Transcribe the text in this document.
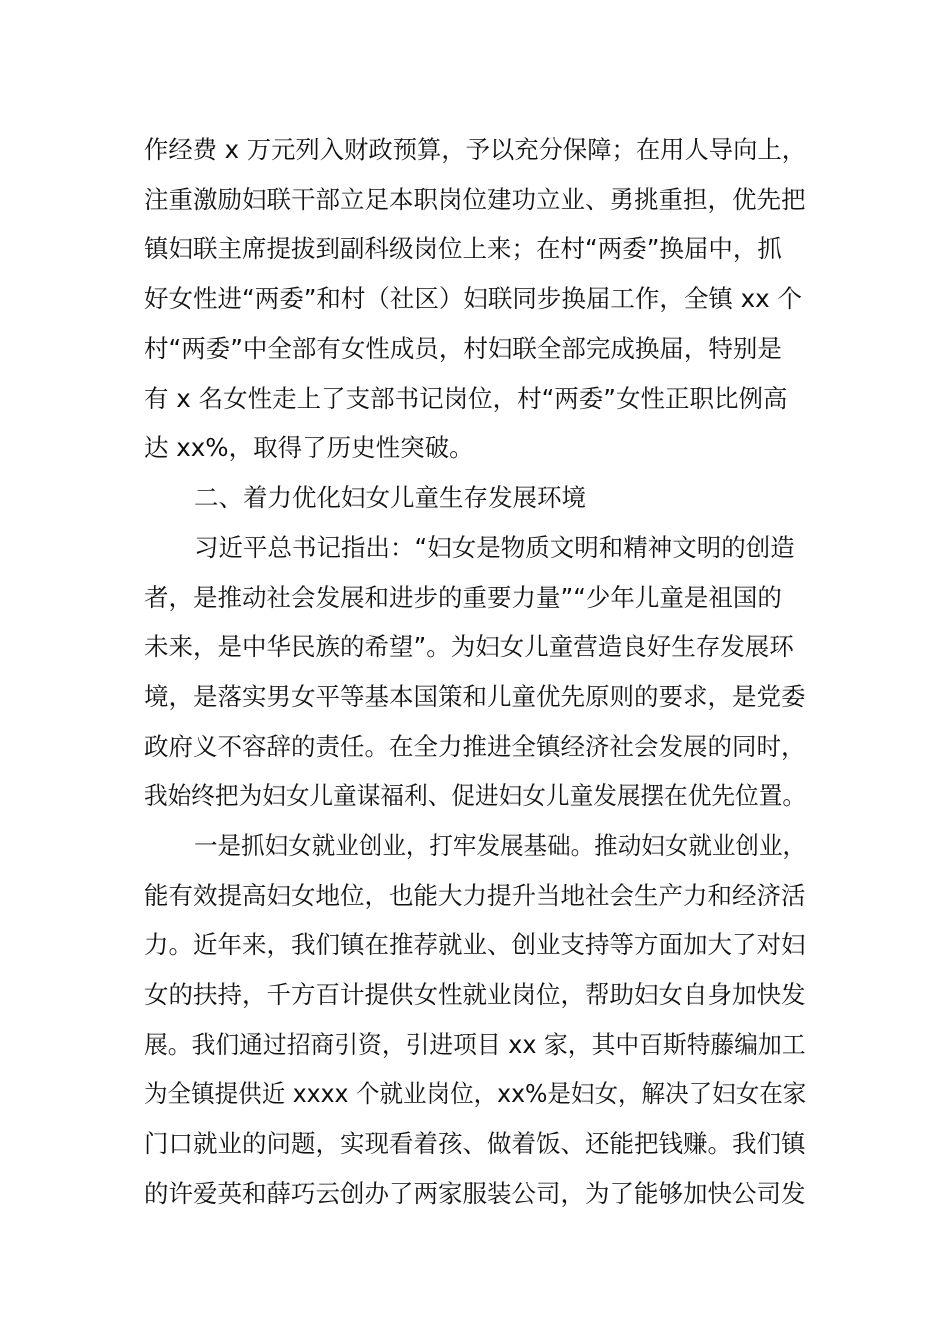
作经费 x 万元列入财政预算，予以充分保障；在用人导向上，
注重激励妇联干部立足本职岗位建功立业、勇挑重担，优先把
镇妇联主席提拔到副科级岗位上来；在村“两委”换届中，抓
好女性进“两委”和村（社区）妇联同步换届工作，全镇 xx 个
村“两委”中全部有女性成员，村妇联全部完成换届，特别是
有 x 名女性走上了支部书记岗位，村“两委”女性正职比例高
达 xx%，取得了历史性突破。
二、着力优化妇女儿童生存发展环境
习近平总书记指出：“妇女是物质文明和精神文明的创造
者，是推动社会发展和进步的重要力量”“少年儿童是祖国的
未来，是中华民族的希望”。为妇女儿童营造良好生存发展环
境，是落实男女平等基本国策和儿童优先原则的要求，是党委
政府义不容辞的责任。在全力推进全镇经济社会发展的同时，
我始终把为妇女儿童谋福利、促进妇女儿童发展摆在优先位置。
一是抓妇女就业创业，打牢发展基础。推动妇女就业创业，
能有效提高妇女地位，也能大力提升当地社会生产力和经济活
力。近年来，我们镇在推荐就业、创业支持等方面加大了对妇
女的扶持，千方百计提供女性就业岗位，帮助妇女自身加快发
展。我们通过招商引资，引进项目 xx 家，其中百斯特藤编加工
为全镇提供近 xxxx 个就业岗位，xx%是妇女，解决了妇女在家
门口就业的问题，实现看着孩、做着饭、还能把钱赚。我们镇
的许爱英和薛巧云创办了两家服装公司，为了能够加快公司发
